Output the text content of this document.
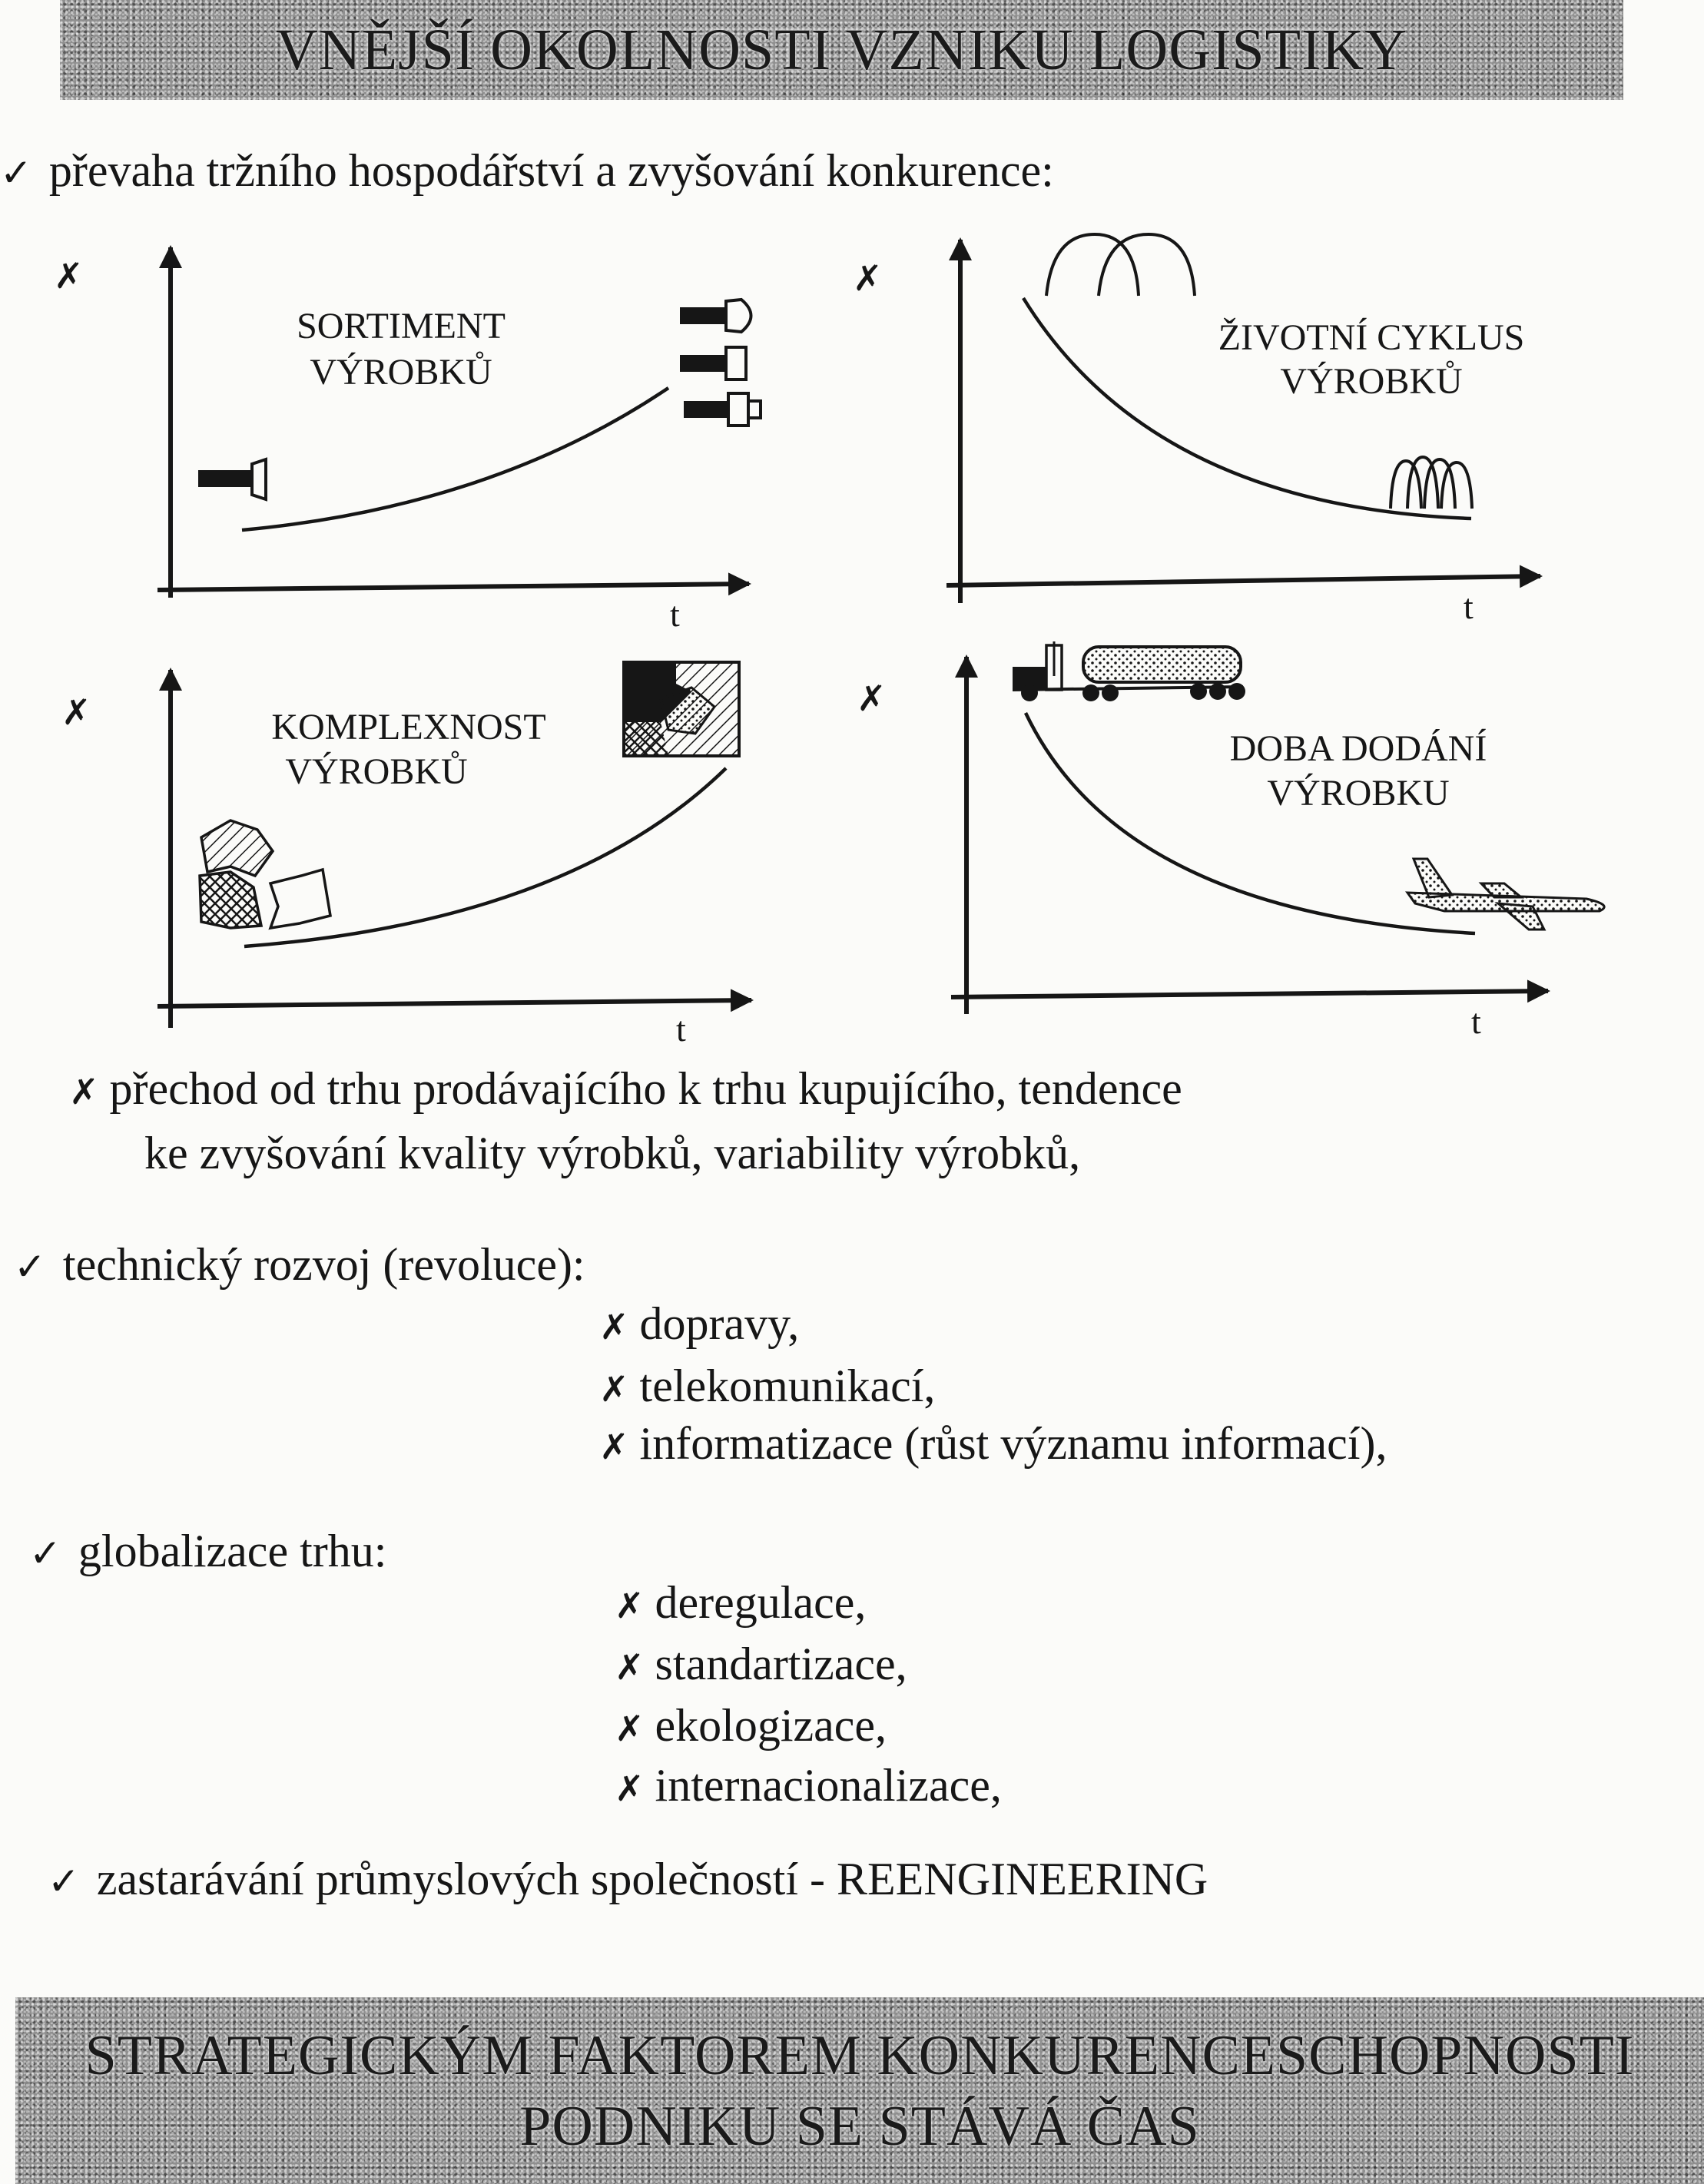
VNĚJŠÍ OKOLNOSTI VZNIKU LOGISTIKY
✓ převaha tržního hospodářství a zvyšování konkurence:
✗
t
SORTIMENT
VÝROBKŮ
✗
t
ŽIVOTNÍ CYKLUS
VÝROBKŮ
✗
t
KOMPLEXNOST
VÝROBKŮ
✗
t
DOBA DODÁNÍ
VÝROBKU
✗ přechod od trhu prodávajícího k trhu kupujícího, tendence
ke zvyšování kvality výrobků, variability výrobků,
✓ technický rozvoj (revoluce):
✗ dopravy,
✗ telekomunikací,
✗ informatizace (růst významu informací),
✓ globalizace trhu:
✗ deregulace,
✗ standartizace,
✗ ekologizace,
✗ internacionalizace,
✓ zastarávání průmyslových společností - REENGINEERING
STRATEGICKÝM FAKTOREM KONKURENCESCHOPNOSTI
PODNIKU SE STÁVÁ ČAS
